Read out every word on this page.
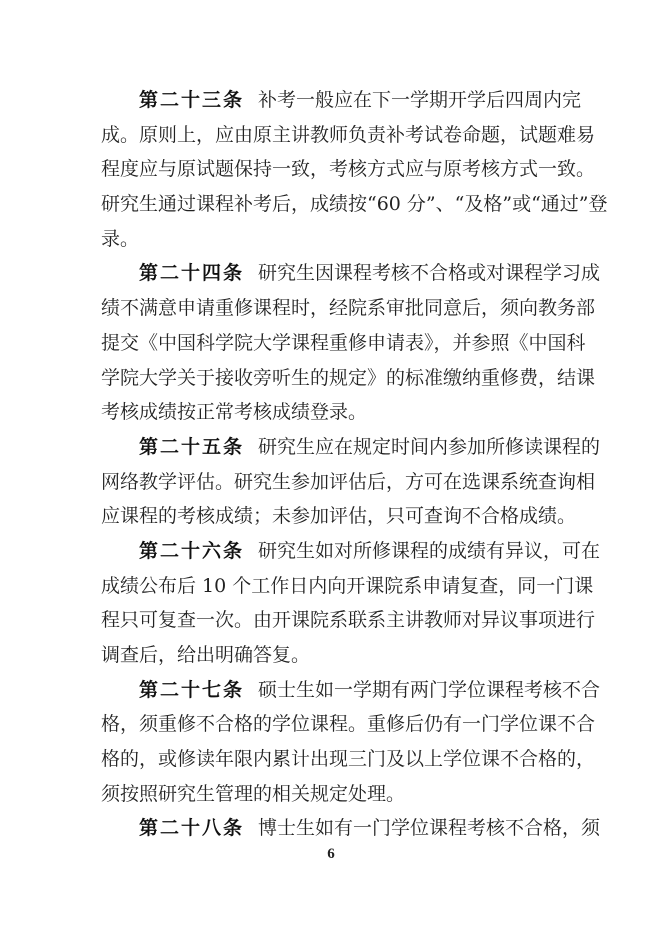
第二十三条 补考一般应在下一学期开学后四周内完
成。原则上，应由原主讲教师负责补考试卷命题，试题难易
程度应与原试题保持一致，考核方式应与原考核方式一致。
研究生通过课程补考后，成绩按“60 分”、“及格”或“通过”登
录。
第二十四条 研究生因课程考核不合格或对课程学习成
绩不满意申请重修课程时，经院系审批同意后，须向教务部
提交《中国科学院大学课程重修申请表》，并参照《中国科
学院大学关于接收旁听生的规定》的标准缴纳重修费，结课
考核成绩按正常考核成绩登录。
第二十五条 研究生应在规定时间内参加所修读课程的
网络教学评估。研究生参加评估后，方可在选课系统查询相
应课程的考核成绩；未参加评估，只可查询不合格成绩。
第二十六条 研究生如对所修课程的成绩有异议，可在
成绩公布后 10 个工作日内向开课院系申请复查，同一门课
程只可复查一次。由开课院系联系主讲教师对异议事项进行
调查后，给出明确答复。
第二十七条 硕士生如一学期有两门学位课程考核不合
格，须重修不合格的学位课程。重修后仍有一门学位课不合
格的，或修读年限内累计出现三门及以上学位课不合格的，
须按照研究生管理的相关规定处理。
第二十八条 博士生如有一门学位课程考核不合格，须
6
